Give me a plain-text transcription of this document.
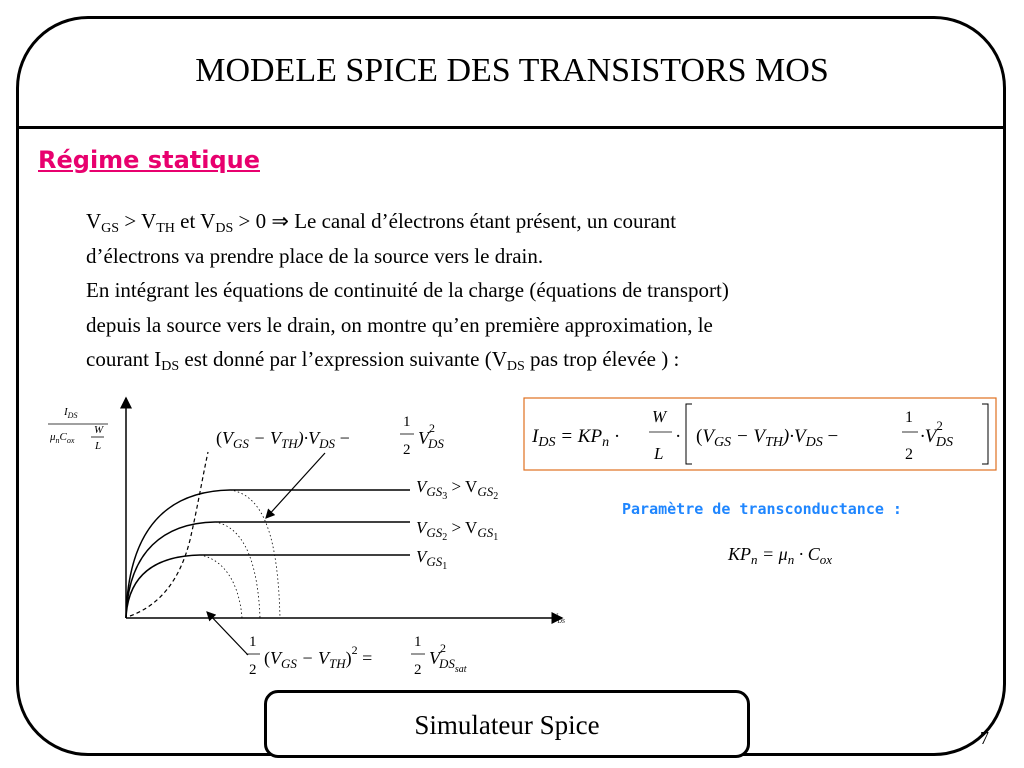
MODELE SPICE DES TRANSISTORS MOS
Régime statique
$V_{GS} > V_{TH}$ et $V_{DS} > 0$ ⇒ Le canal d’électrons étant présent, un courant
d’électrons va prendre place de la source vers le drain.
En intégrant les équations de continuité de la charge (équations de transport)
depuis la source vers le drain, on montre qu’en première approximation, le
courant $I_{DS}$ est donné par l’expression suivante ($V_{DS}$ pas trop élevée ) :
$I_{DS}$
$\mu_nC_{ox}$
W
L
$V_{DS}$
$V_{GS}3 > V_{GS}2$
$V_{GS}2 > V_{GS}1$
$V_{GS}1$
$(V_{GS} - V_{TH})\cdot V_{DS}$ −
1
2
$V^2$ DS
1
2
$(V_{GS} - V_{TH})^2$ =
1
2
$V^2$ $DS_{sat}$
$I_{DS} = KP_n$ ·
W
L
· $(V_{GS} - V_{TH})\cdot V_{DS}$ −
1
2
$\cdot V^2$ DS
$KP_n = \mu_n \cdot C_{ox}$
Paramètre de transconductance :
Simulateur Spice	7
